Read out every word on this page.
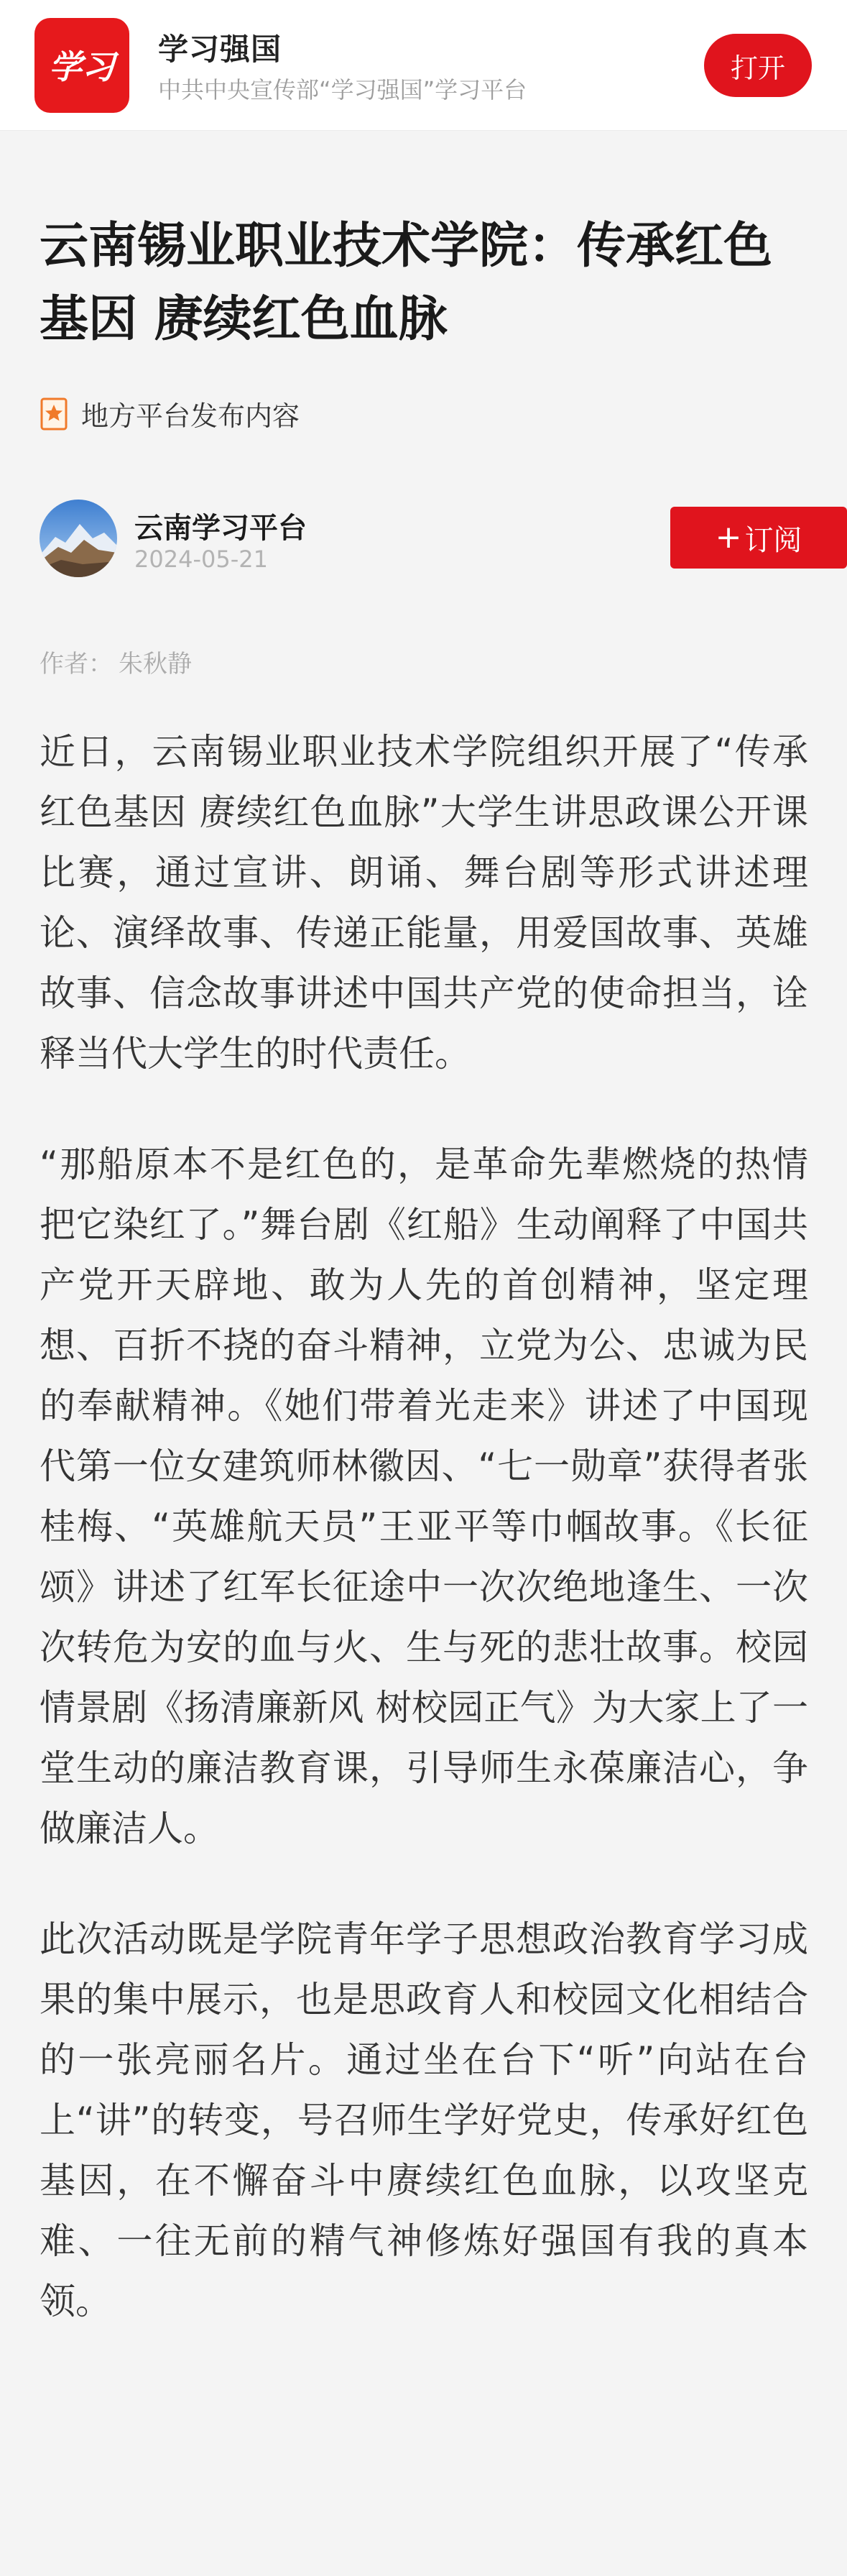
学习 学习强国
中共中央宣传部“学习强国”学习平台
打开
云南锡业职业技术学院：传承红色基因 赓续红色血脉
地方平台发布内容
云南学习平台
2024-05-21
+ 订阅
作者： 朱秋静

近日，云南锡业职业技术学院组织开展了“传承红色基因 赓续红色血脉”大学生讲思政课公开课比赛，通过宣讲、朗诵、舞台剧等形式讲述理论、演绎故事、传递正能量，用爱国故事、英雄故事、信念故事讲述中国共产党的使命担当，诠释当代大学生的时代责任。

“那船原本不是红色的，是革命先辈燃烧的热情把它染红了。”舞台剧《红船》生动阐释了中国共产党开天辟地、敢为人先的首创精神，坚定理想、百折不挠的奋斗精神，立党为公、忠诚为民的奉献精神。《她们带着光走来》讲述了中国现代第一位女建筑师林徽因、“七一勋章”获得者张桂梅、“英雄航天员”王亚平等巾帼故事。《长征颂》讲述了红军长征途中一次次绝地逢生、一次次转危为安的血与火、生与死的悲壮故事。校园情景剧《扬清廉新风 树校园正气》为大家上了一堂生动的廉洁教育课，引导师生永葆廉洁心，争做廉洁人。

此次活动既是学院青年学子思想政治教育学习成果的集中展示，也是思政育人和校园文化相结合的一张亮丽名片。通过坐在台下“听”向站在台上“讲”的转变，号召师生学好党史，传承好红色基因，在不懈奋斗中赓续红色血脉，以攻坚克难、一往无前的精气神修炼好强国有我的真本领。
